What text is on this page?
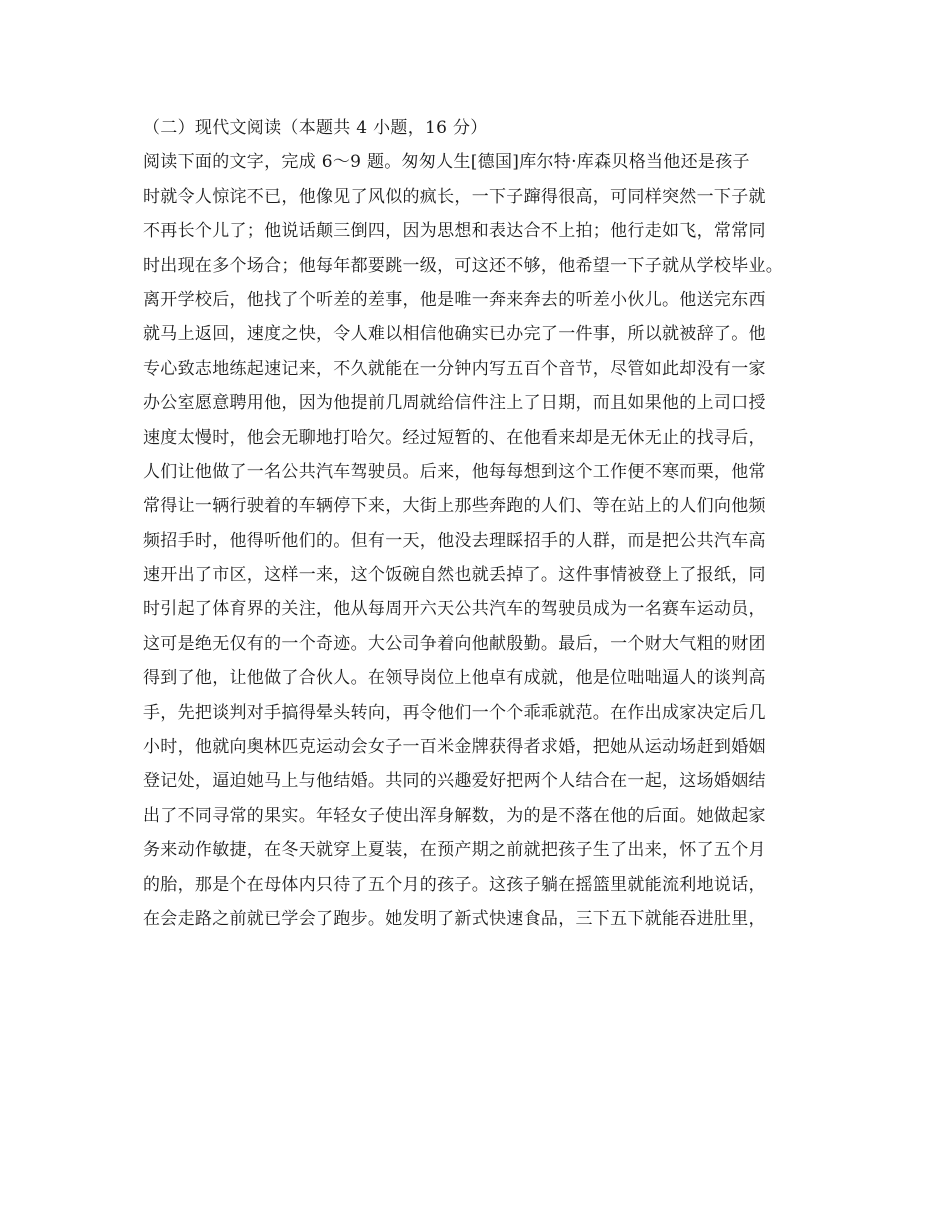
（二）现代文阅读（本题共 4 小题，16 分）
阅读下面的文字，完成 6～9 题。匆匆人生[德国]库尔特·库森贝格当他还是孩子
时就令人惊诧不已，他像见了风似的疯长，一下子蹿得很高，可同样突然一下子就
不再长个儿了；他说话颠三倒四，因为思想和表达合不上拍；他行走如飞，常常同
时出现在多个场合；他每年都要跳一级，可这还不够，他希望一下子就从学校毕业。
离开学校后，他找了个听差的差事，他是唯一奔来奔去的听差小伙儿。他送完东西
就马上返回，速度之快，令人难以相信他确实已办完了一件事，所以就被辞了。他
专心致志地练起速记来，不久就能在一分钟内写五百个音节，尽管如此却没有一家
办公室愿意聘用他，因为他提前几周就给信件注上了日期，而且如果他的上司口授
速度太慢时，他会无聊地打哈欠。经过短暂的、在他看来却是无休无止的找寻后，
人们让他做了一名公共汽车驾驶员。后来，他每每想到这个工作便不寒而栗，他常
常得让一辆行驶着的车辆停下来，大街上那些奔跑的人们、等在站上的人们向他频
频招手时，他得听他们的。但有一天，他没去理睬招手的人群，而是把公共汽车高
速开出了市区，这样一来，这个饭碗自然也就丢掉了。这件事情被登上了报纸，同
时引起了体育界的关注，他从每周开六天公共汽车的驾驶员成为一名赛车运动员，
这可是绝无仅有的一个奇迹。大公司争着向他献殷勤。最后，一个财大气粗的财团
得到了他，让他做了合伙人。在领导岗位上他卓有成就，他是位咄咄逼人的谈判高
手，先把谈判对手搞得晕头转向，再令他们一个个乖乖就范。在作出成家决定后几
小时，他就向奥林匹克运动会女子一百米金牌获得者求婚，把她从运动场赶到婚姻
登记处，逼迫她马上与他结婚。共同的兴趣爱好把两个人结合在一起，这场婚姻结
出了不同寻常的果实。年轻女子使出浑身解数，为的是不落在他的后面。她做起家
务来动作敏捷，在冬天就穿上夏装，在预产期之前就把孩子生了出来，怀了五个月
的胎，那是个在母体内只待了五个月的孩子。这孩子躺在摇篮里就能流利地说话，
在会走路之前就已学会了跑步。她发明了新式快速食品，三下五下就能吞进肚里，
